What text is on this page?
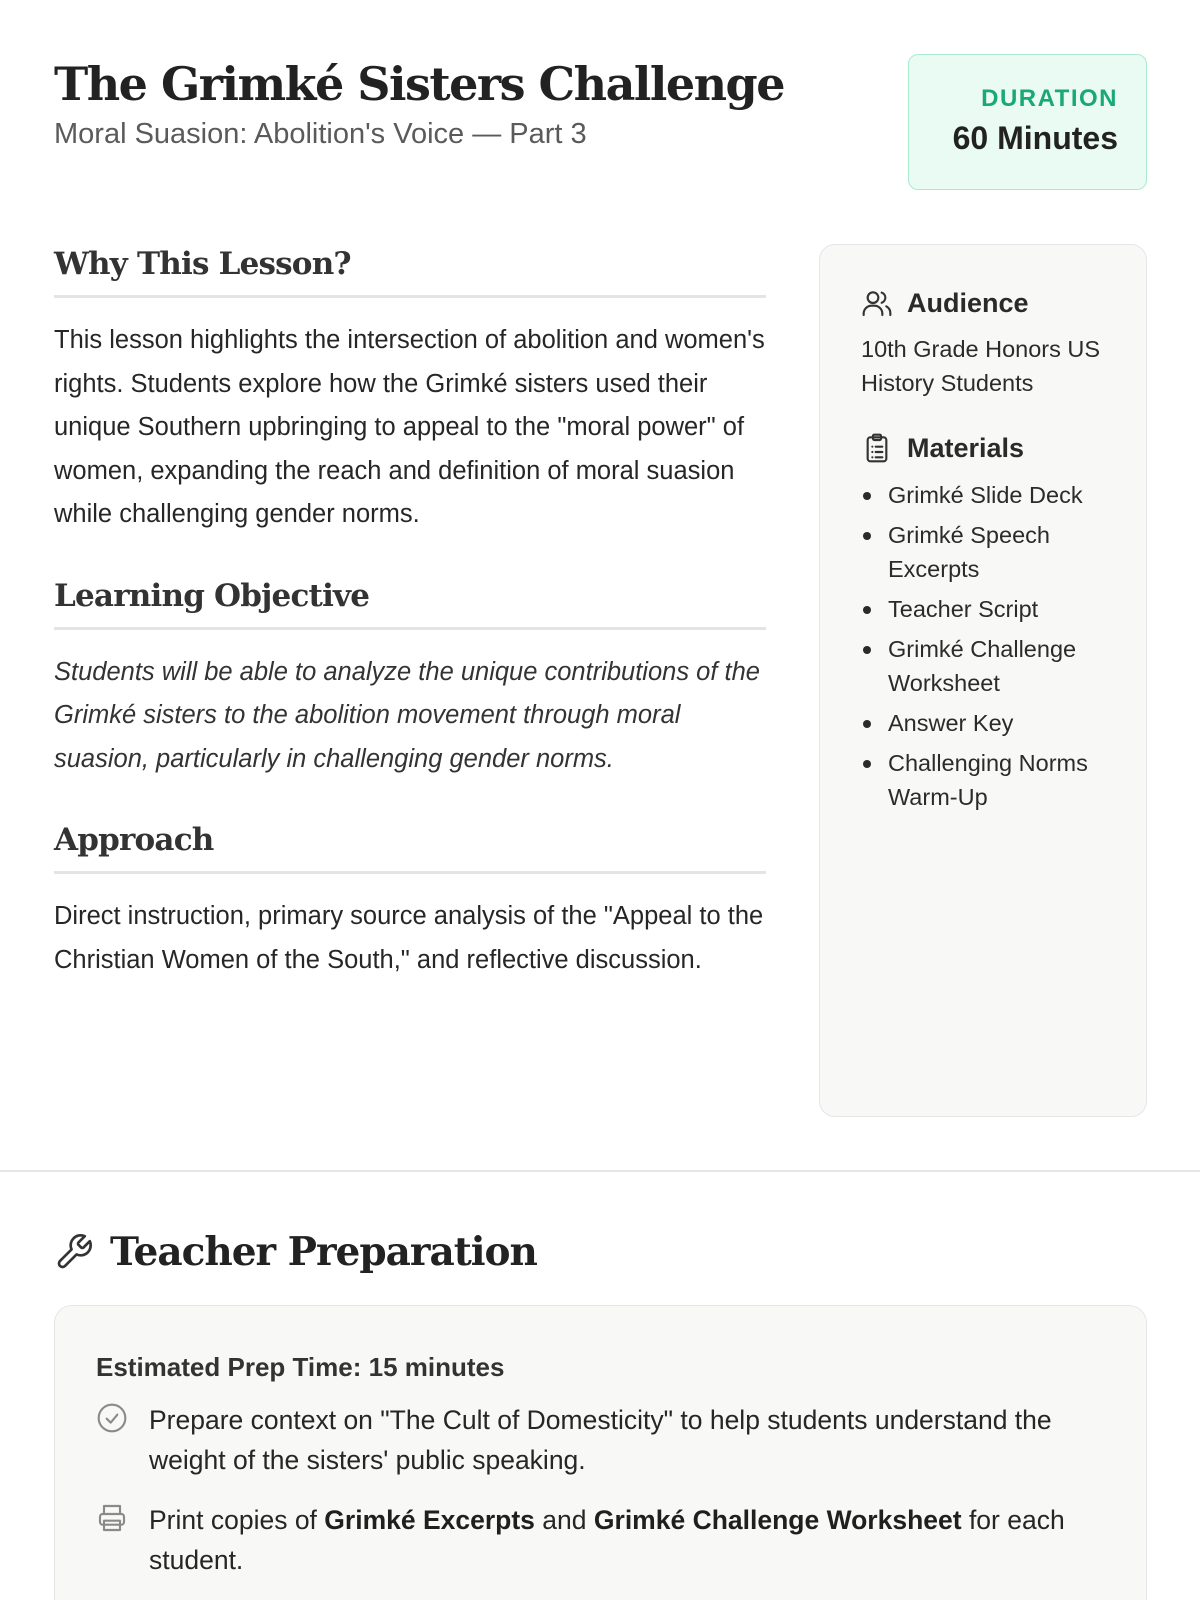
The Grimké Sisters Challenge
Moral Suasion: Abolition's Voice — Part 3
DURATION
60 Minutes
Why This Lesson?

This lesson highlights the intersection of abolition and women's rights. Students explore how the Grimké sisters used their unique Southern upbringing to appeal to the "moral power" of women, expanding the reach and definition of moral suasion while challenging gender norms.

Learning Objective

Students will be able to analyze the unique contributions of the Grimké sisters to the abolition movement through moral suasion, particularly in challenging gender norms.

Approach

Direct instruction, primary source analysis of the "Appeal to the Christian Women of the South," and reflective discussion.

Audience

10th Grade Honors US History Students

Materials
Grimké Slide Deck
Grimké Speech Excerpts
Teacher Script
Grimké Challenge Worksheet
Answer Key
Challenging Norms Warm-Up
Teacher Preparation
Estimated Prep Time: 15 minutes
Prepare context on "The Cult of Domesticity" to help students understand the weight of the sisters' public speaking.
Print copies of Grimké Excerpts and Grimké Challenge Worksheet for each student.
